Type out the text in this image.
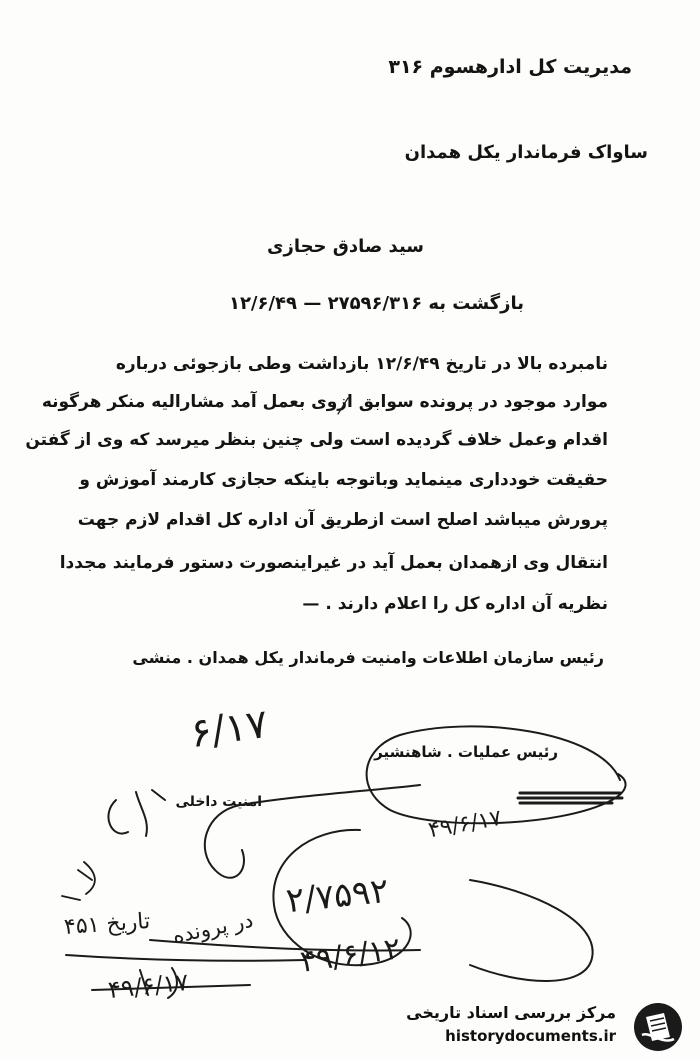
مدیریت کل ادارهسوم ۳۱۶
ساواک فرماندار یکل همدان
سید صادق حجازی
بازگشت به ۲۷۵۹۶/۳۱۶ — ۱۲/۶/۴۹
نامبرده بالا در تاریخ ۱۲/۶/۴۹ بازداشت وطی بازجوئی درباره
موارد موجود در پرونده سوابق ازوی بعمل آمد مشارالیه منکر هرگونه
اقدام وعمل خلاف گردیده است ولی چنین بنظر میرسد که وی از گفتن
حقیقت خودداری مینماید وباتوجه باینکه حجازی کارمند آموزش و
پرورش میباشد اصلح است ازطریق آن اداره کل اقدام لازم جهت
انتقال وی ازهمدان بعمل آید در غیراینصورت دستور فرمایند مجددا
نظریه آن اداره کل را اعلام دارند . —
رئیس سازمان اطلاعات وامنیت فرماندار یکل همدان . منشی
رئیس عملیات . شاهنشیر
امنیت داخلی
۶/۱۷
۴۹/۶/۱۷
۲/۷۵۹۲
۴۹/۶/۱۲
۴۵۱ تاریخ در پرونده
۴۹/۶/۱۷
مرکز بررسی اسناد تاریخی
historydocuments.ir
